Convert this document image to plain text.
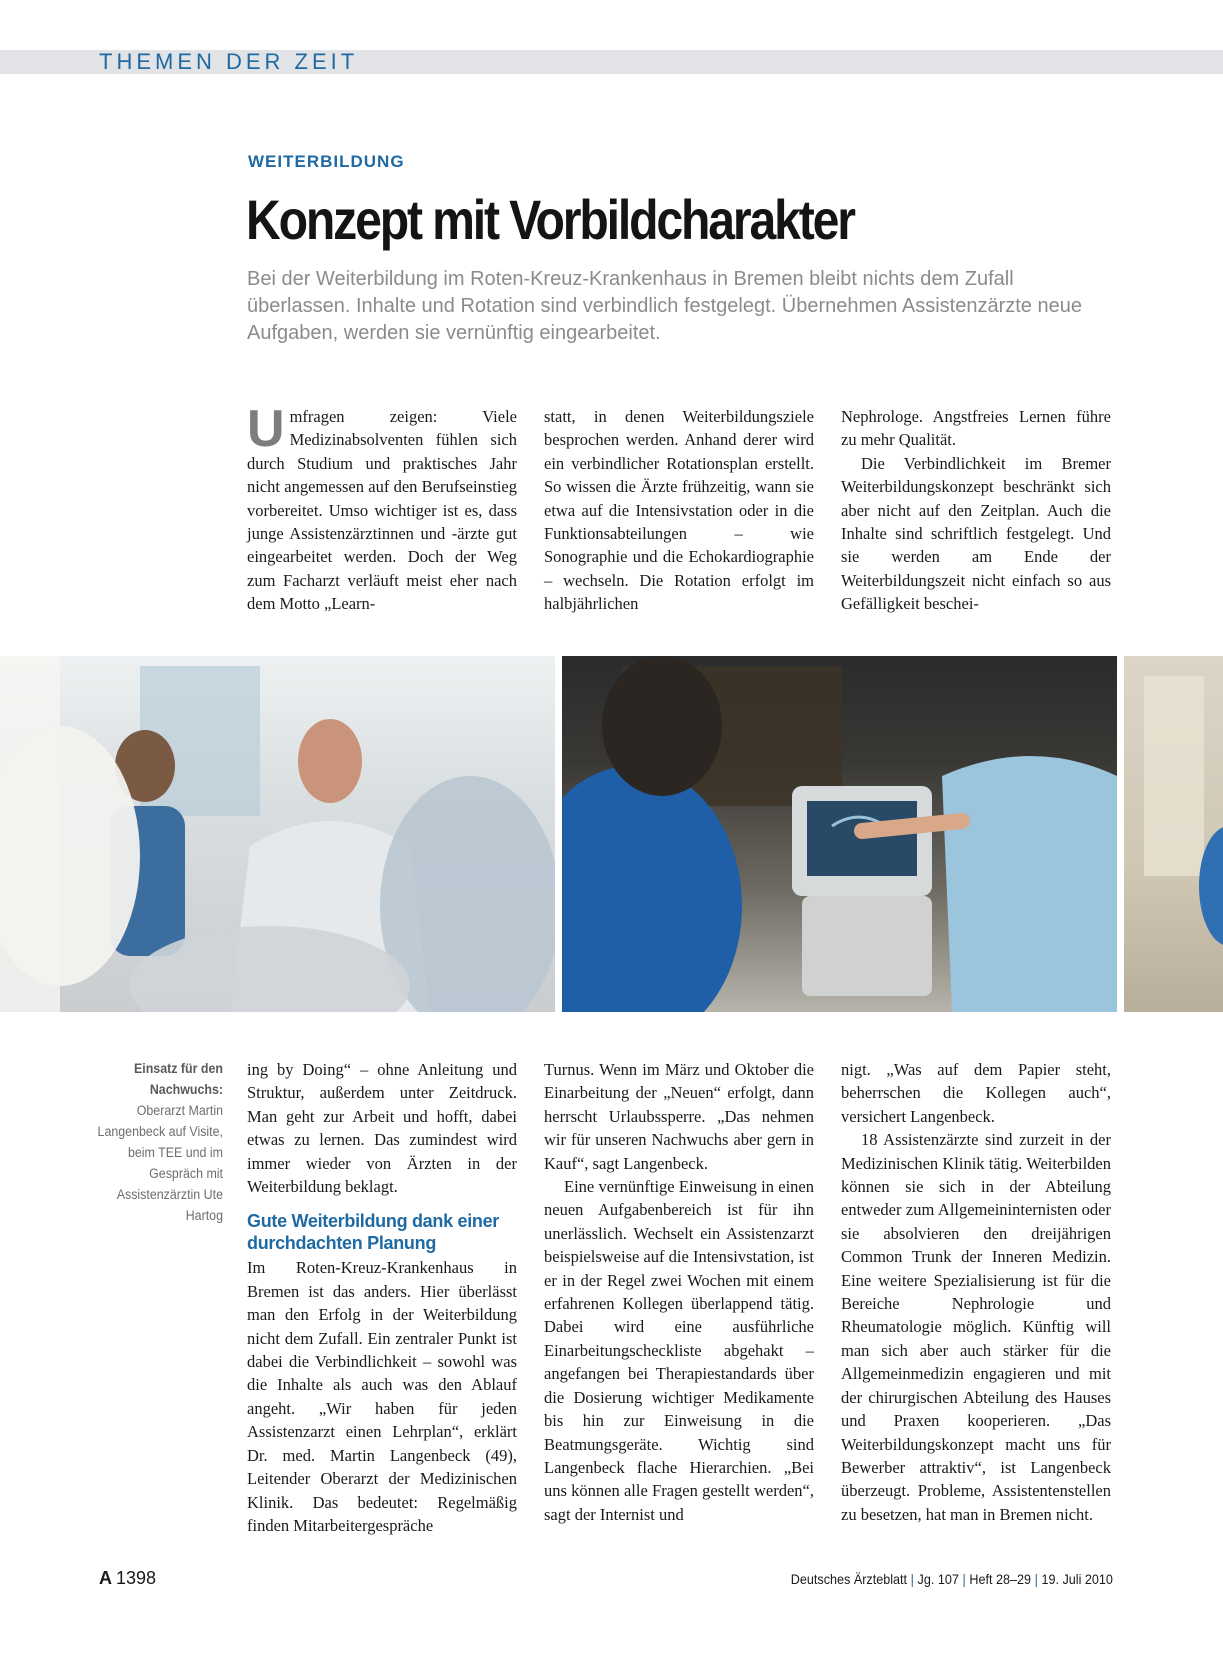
THEMEN DER ZEIT
WEITERBILDUNG
Konzept mit Vorbildcharakter

Bei der Weiterbildung im Roten-Kreuz-Krankenhaus in Bremen bleibt nichts dem Zufall überlassen. Inhalte und Rotation sind verbindlich festgelegt. Übernehmen Assistenzärzte neue Aufgaben, werden sie vernünftig eingearbeitet.

Umfragen zeigen: Viele Medizinabsolventen fühlen sich durch Studium und praktisches Jahr nicht angemessen auf den Berufseinstieg vorbereitet. Umso wichtiger ist es, dass junge Assistenzärztinnen und -ärzte gut eingearbeitet werden. Doch der Weg zum Facharzt verläuft meist eher nach dem Motto „Learn-

statt, in denen Weiterbildungsziele besprochen werden. Anhand derer wird ein verbindlicher Rotationsplan erstellt. So wissen die Ärzte frühzeitig, wann sie etwa auf die Intensivstation oder in die Funktionsabteilungen – wie Sonographie und die Echokardiographie – wechseln. Die Rotation erfolgt im halbjährlichen

Nephrologe. Angstfreies Lernen führe zu mehr Qualität.

Die Verbindlichkeit im Bremer Weiterbildungskonzept beschränkt sich aber nicht auf den Zeitplan. Auch die Inhalte sind schriftlich festgelegt. Und sie werden am Ende der Weiterbildungszeit nicht einfach so aus Gefälligkeit beschei-

Einsatz für den Nachwuchs:
Oberarzt Martin Langenbeck auf Visite, beim TEE und im Gespräch mit Assistenzärztin Ute Hartog

ing by Doing“ – ohne Anleitung und Struktur, außerdem unter Zeitdruck. Man geht zur Arbeit und hofft, dabei etwas zu lernen. Das zumindest wird immer wieder von Ärzten in der Weiterbildung beklagt.

Gute Weiterbildung dank einer durchdachten Planung

Im Roten-Kreuz-Krankenhaus in Bremen ist das anders. Hier überlässt man den Erfolg in der Weiterbildung nicht dem Zufall. Ein zentraler Punkt ist dabei die Verbindlichkeit – sowohl was die Inhalte als auch was den Ablauf angeht. „Wir haben für jeden Assistenzarzt einen Lehrplan“, erklärt Dr. med. Martin Langenbeck (49), Leitender Oberarzt der Medizinischen Klinik. Das bedeutet: Regelmäßig finden Mitarbeitergespräche

Turnus. Wenn im März und Oktober die Einarbeitung der „Neuen“ erfolgt, dann herrscht Urlaubssperre. „Das nehmen wir für unseren Nachwuchs aber gern in Kauf“, sagt Langenbeck.

Eine vernünftige Einweisung in einen neuen Aufgabenbereich ist für ihn unerlässlich. Wechselt ein Assistenzarzt beispielsweise auf die Intensivstation, ist er in der Regel zwei Wochen mit einem erfahrenen Kollegen überlappend tätig. Dabei wird eine ausführliche Einarbeitungscheckliste abgehakt – angefangen bei Therapiestandards über die Dosierung wichtiger Medikamente bis hin zur Einweisung in die Beatmungsgeräte. Wichtig sind Langenbeck flache Hierarchien. „Bei uns können alle Fragen gestellt werden“, sagt der Internist und

nigt. „Was auf dem Papier steht, beherrschen die Kollegen auch“, versichert Langenbeck.

18 Assistenzärzte sind zurzeit in der Medizinischen Klinik tätig. Weiterbilden können sie sich in der Abteilung entweder zum Allgemeininternisten oder sie absolvieren den dreijährigen Common Trunk der Inneren Medizin. Eine weitere Spezialisierung ist für die Bereiche Nephrologie und Rheumatologie möglich. Künftig will man sich aber auch stärker für die Allgemeinmedizin engagieren und mit der chirurgischen Abteilung des Hauses und Praxen kooperieren. „Das Weiterbildungskonzept macht uns für Bewerber attraktiv“, ist Langenbeck überzeugt. Probleme, Assistentenstellen zu besetzen, hat man in Bremen nicht.

A 1398	Deutsches Ärzteblatt | Jg. 107 | Heft 28–29 | 19. Juli 2010
